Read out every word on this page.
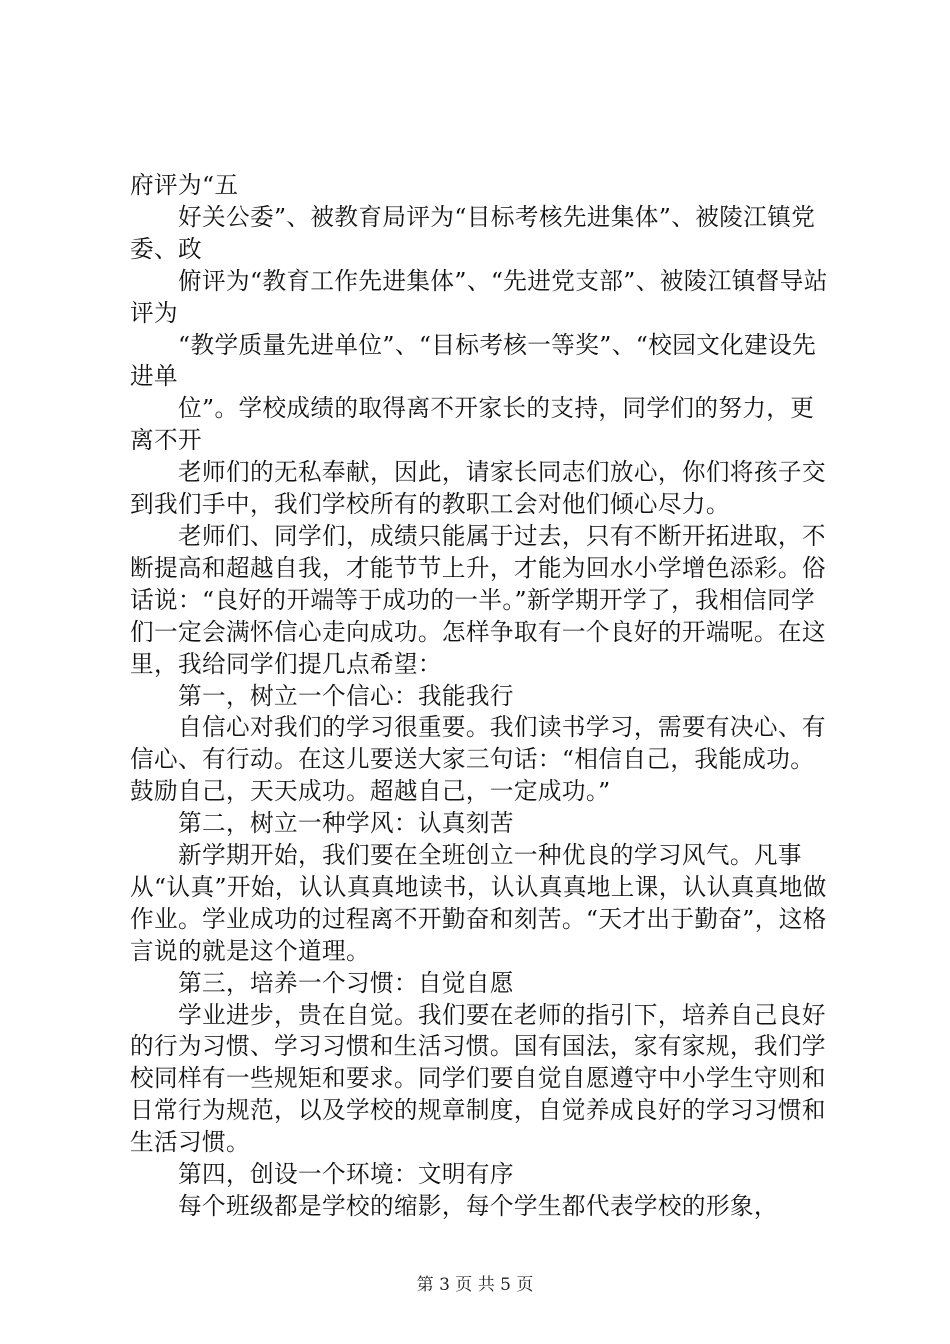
府评为“五

好关公委”、被教育局评为“目标考核先进集体”、被陵江镇党委、政

俯评为“教育工作先进集体”、“先进党支部”、被陵江镇督导站评为

“教学质量先进单位”、“目标考核一等奖”、“校园文化建设先进单

位”。学校成绩的取得离不开家长的支持，同学们的努力，更离不开

老师们的无私奉献，因此，请家长同志们放心，你们将孩子交到我们手中，我们学校所有的教职工会对他们倾心尽力。

老师们、同学们，成绩只能属于过去，只有不断开拓进取，不断提高和超越自我，才能节节上升，才能为回水小学增色添彩。俗话说：“良好的开端等于成功的一半。”新学期开学了，我相信同学们一定会满怀信心走向成功。怎样争取有一个良好的开端呢。在这里，我给同学们提几点希望：

第一，树立一个信心：我能我行

自信心对我们的学习很重要。我们读书学习，需要有决心、有信心、有行动。在这儿要送大家三句话：“相信自己，我能成功。鼓励自己，天天成功。超越自己，一定成功。”

第二，树立一种学风：认真刻苦

新学期开始，我们要在全班创立一种优良的学习风气。凡事从“认真”开始，认认真真地读书，认认真真地上课，认认真真地做作业。学业成功的过程离不开勤奋和刻苦。“天才出于勤奋”，这格言说的就是这个道理。

第三，培养一个习惯：自觉自愿

学业进步，贵在自觉。我们要在老师的指引下，培养自己良好的行为习惯、学习习惯和生活习惯。国有国法，家有家规，我们学校同样有一些规矩和要求。同学们要自觉自愿遵守中小学生守则和日常行为规范，以及学校的规章制度，自觉养成良好的学习习惯和生活习惯。

第四，创设一个环境：文明有序

每个班级都是学校的缩影，每个学生都代表学校的形象，

第 3 页 共 5 页
